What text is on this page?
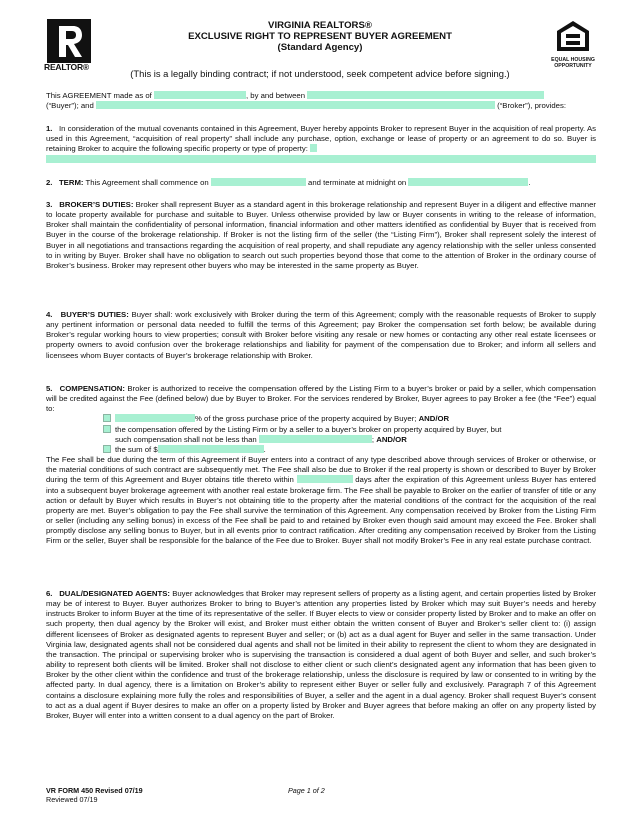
REALTOR®
EQUAL HOUSING
OPPORTUNITY
VIRGINIA REALTORS®
EXCLUSIVE RIGHT TO REPRESENT BUYER AGREEMENT
(Standard Agency)
(This is a legally binding contract; if not understood, seek competent advice before signing.)
This AGREEMENT made as of	, by and between
(“Buyer”); and	(“Broker”), provides:

1. In consideration of the mutual covenants contained in this Agreement, Buyer hereby appoints Broker to represent Buyer in the acquisition of real property. As used in this Agreement, “acquisition of real property” shall include any purchase, option, exchange or lease of property or an agreement to do so. Buyer is retaining Broker to acquire the following specific property or type of property:

2. TERM: This Agreement shall commence on	and terminate at midnight on	.

3. BROKER’S DUTIES: Broker shall represent Buyer as a standard agent in this brokerage relationship and represent Buyer in a diligent and effective manner to locate property available for purchase and suitable to Buyer. Unless otherwise provided by law or Buyer consents in writing to the release of information, Broker shall maintain the confidentiality of personal information, financial information and other matters identified as confidential by Buyer that is received from Buyer in the course of the brokerage relationship. If Broker is not the listing firm of the seller (the “Listing Firm”), Broker shall represent solely the interest of Buyer in all negotiations and transactions regarding the acquisition of real property, and shall repudiate any agency relationship with the seller unless consented to in writing by Buyer. Broker shall have no obligation to search out such properties beyond those that come to the attention of Broker in the ordinary course of Broker’s business. Broker may represent other buyers who may be interested in the same property as Buyer.

4. BUYER’S DUTIES: Buyer shall: work exclusively with Broker during the term of this Agreement; comply with the reasonable requests of Broker to supply any pertinent information or personal data needed to fulfill the terms of this Agreement; pay Broker the compensation set forth below; be available during Broker’s regular working hours to view properties; consult with Broker before visiting any resale or new homes or contacting any other real estate licensees or property owners to avoid confusion over the brokerage relationships and liability for payment of the compensation due to Broker; and inform all sellers and licensees whom Buyer contacts of Buyer’s brokerage relationship with Broker.

5. COMPENSATION: Broker is authorized to receive the compensation offered by the Listing Firm to a buyer’s broker or paid by a seller, which compensation will be credited against the Fee (defined below) due by Buyer to Broker. For the services rendered by Broker, Buyer agrees to pay Broker a fee (the “Fee”) equal to:
% of the gross purchase price of the property acquired by Buyer; AND/OR
the compensation offered by the Listing Firm or by a seller to a buyer’s broker on property acquired by Buyer, but
such compensation shall not be less than	; AND/OR
the sum of $	.
The Fee shall be due during the term of this Agreement if Buyer enters into a contract of any type described above through services of Broker or otherwise, or the material conditions of such contract are subsequently met. The Fee shall also be due to Broker if the real property is shown or described to Buyer by Broker during the term of this Agreement and Buyer obtains title thereto within	days after the expiration of this Agreement unless Buyer has entered into a subsequent buyer brokerage agreement with another real estate brokerage firm. The Fee shall be payable to Broker on the earlier of transfer of title or any action or default by Buyer which results in Buyer’s not obtaining title to the property after the material conditions of the contract for the acquisition of the real property are met. Buyer’s obligation to pay the Fee shall survive the termination of this Agreement. Any compensation received by Broker from the Listing Firm or seller (including any selling bonus) in excess of the Fee shall be paid to and retained by Broker even though said amount may exceed the Fee. Broker shall promptly disclose any selling bonus to Buyer, but in all events prior to contract ratification. After crediting any compensation received by Broker from the Listing Firm or the seller, Buyer shall be responsible for the balance of the Fee due to Broker. Buyer shall not modify Broker’s Fee in any real estate purchase contract.

6. DUAL/DESIGNATED AGENTS: Buyer acknowledges that Broker may represent sellers of property as a listing agent, and certain properties listed by Broker may be of interest to Buyer. Buyer authorizes Broker to bring to Buyer’s attention any properties listed by Broker which may suit Buyer’s needs and hereby instructs Broker to inform Buyer at the time of its representative of the seller. If Buyer elects to view or consider property listed by Broker and to make an offer on such property, then dual agency by the Broker will exist, and Broker must either obtain the written consent of Buyer and Broker’s seller client to: (i) assign different licensees of Broker as designated agents to represent Buyer and seller; or (b) act as a dual agent for Buyer and seller in the same transaction. Under Virginia law, designated agents shall not be considered dual agents and shall not be limited in their ability to represent the client to whom they are designated in the transaction. The principal or supervising broker who is supervising the transaction is considered a dual agent of both Buyer and seller, and such broker’s ability to represent both clients will be limited. Broker shall not disclose to either client or such client’s designated agent any information that has been given to Broker by the other client within the confidence and trust of the brokerage relationship, unless the disclosure is required by law or consented to in writing by the affected party. In dual agency, there is a limitation on Broker’s ability to represent either Buyer or seller fully and exclusively. Paragraph 7 of this Agreement contains a disclosure explaining more fully the roles and responsibilities of Buyer, a seller and the agent in a dual agency. Broker shall request Buyer’s consent to act as a dual agent if Buyer desires to make an offer on a property listed by Broker and Buyer agrees that before making an offer on any property listed by Broker, Buyer will enter into a written consent to a dual agency on the part of Broker.

VR FORM 450 Revised 07/19
Reviewed 07/19
Page 1 of 2
